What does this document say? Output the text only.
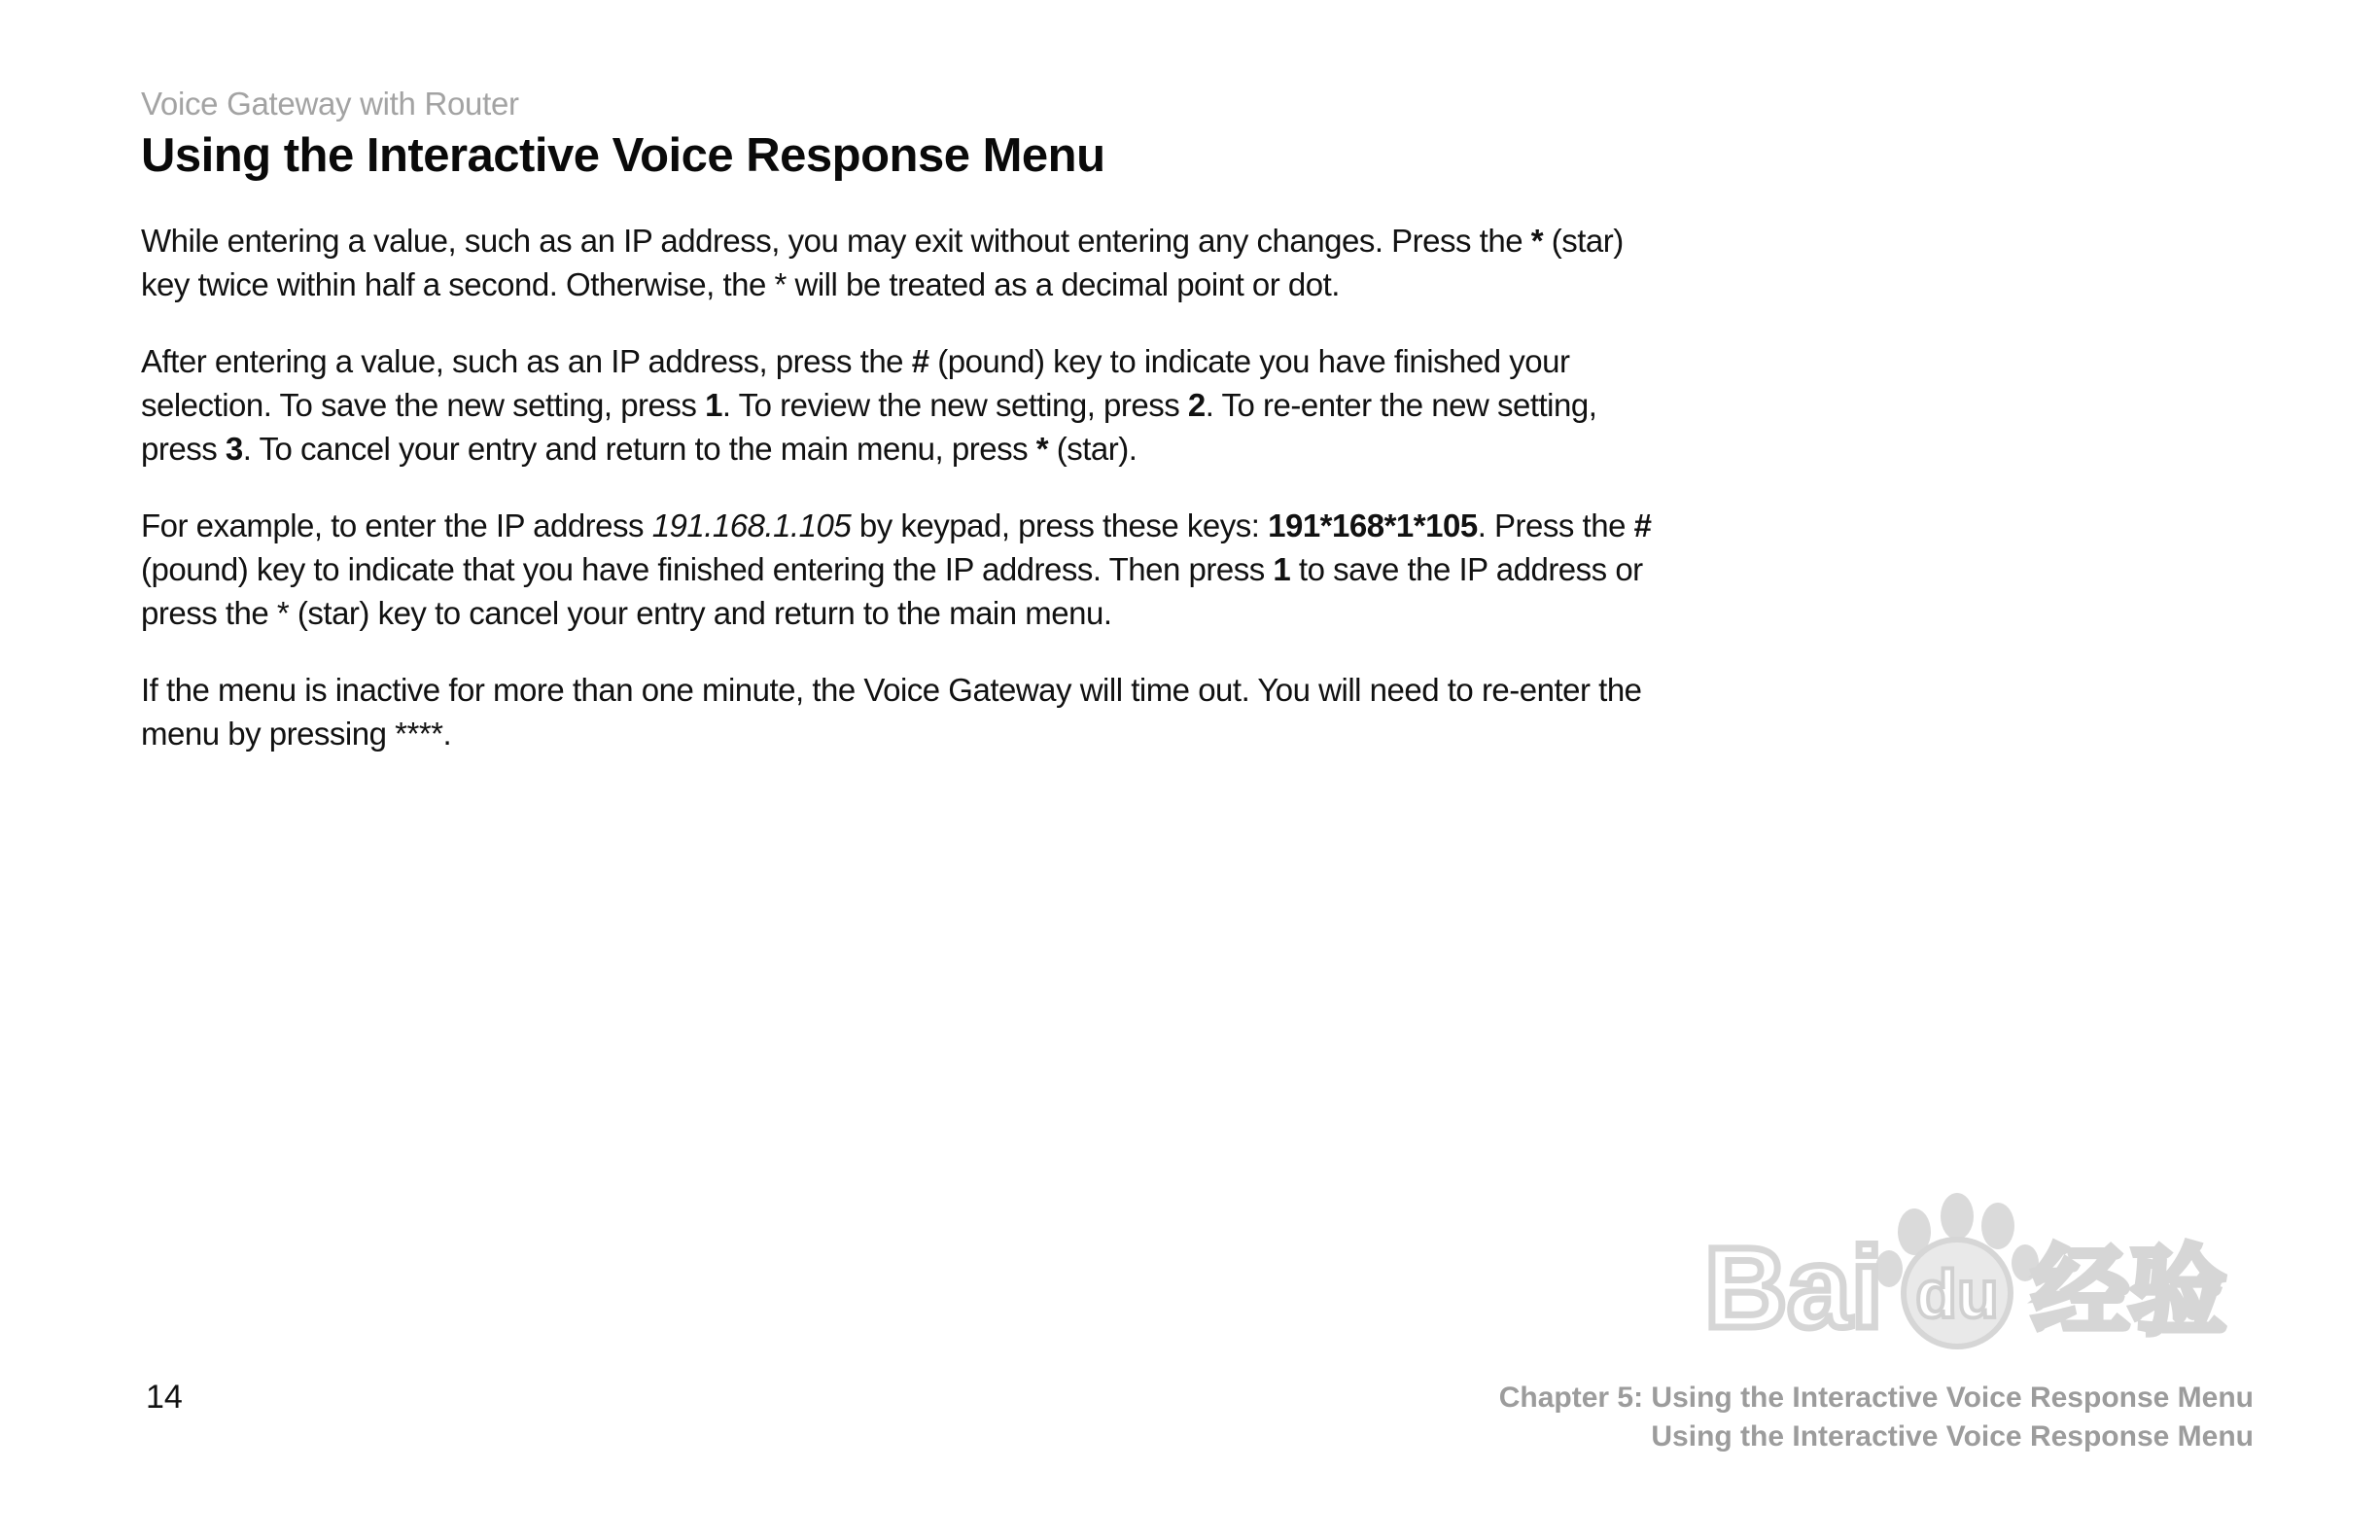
Voice Gateway with Router
Using the Interactive Voice Response Menu

While entering a value, such as an IP address, you may exit without entering any changes. Press the * (star) key twice within half a second. Otherwise, the * will be treated as a decimal point or dot.

After entering a value, such as an IP address, press the # (pound) key to indicate you have finished your selection. To save the new setting, press 1. To review the new setting, press 2. To re-enter the new setting, press 3. To cancel your entry and return to the main menu, press * (star).

For example, to enter the IP address 191.168.1.105 by keypad, press these keys: 191*168*1*105. Press the # (pound) key to indicate that you have finished entering the IP address. Then press 1 to save the IP address or press the * (star) key to cancel your entry and return to the main menu.

If the menu is inactive for more than one minute, the Voice Gateway will time out. You will need to re-enter the menu by pressing ****.

Bai du 经验
14	Chapter 5: Using the Interactive Voice Response Menu
Using the Interactive Voice Response Menu
